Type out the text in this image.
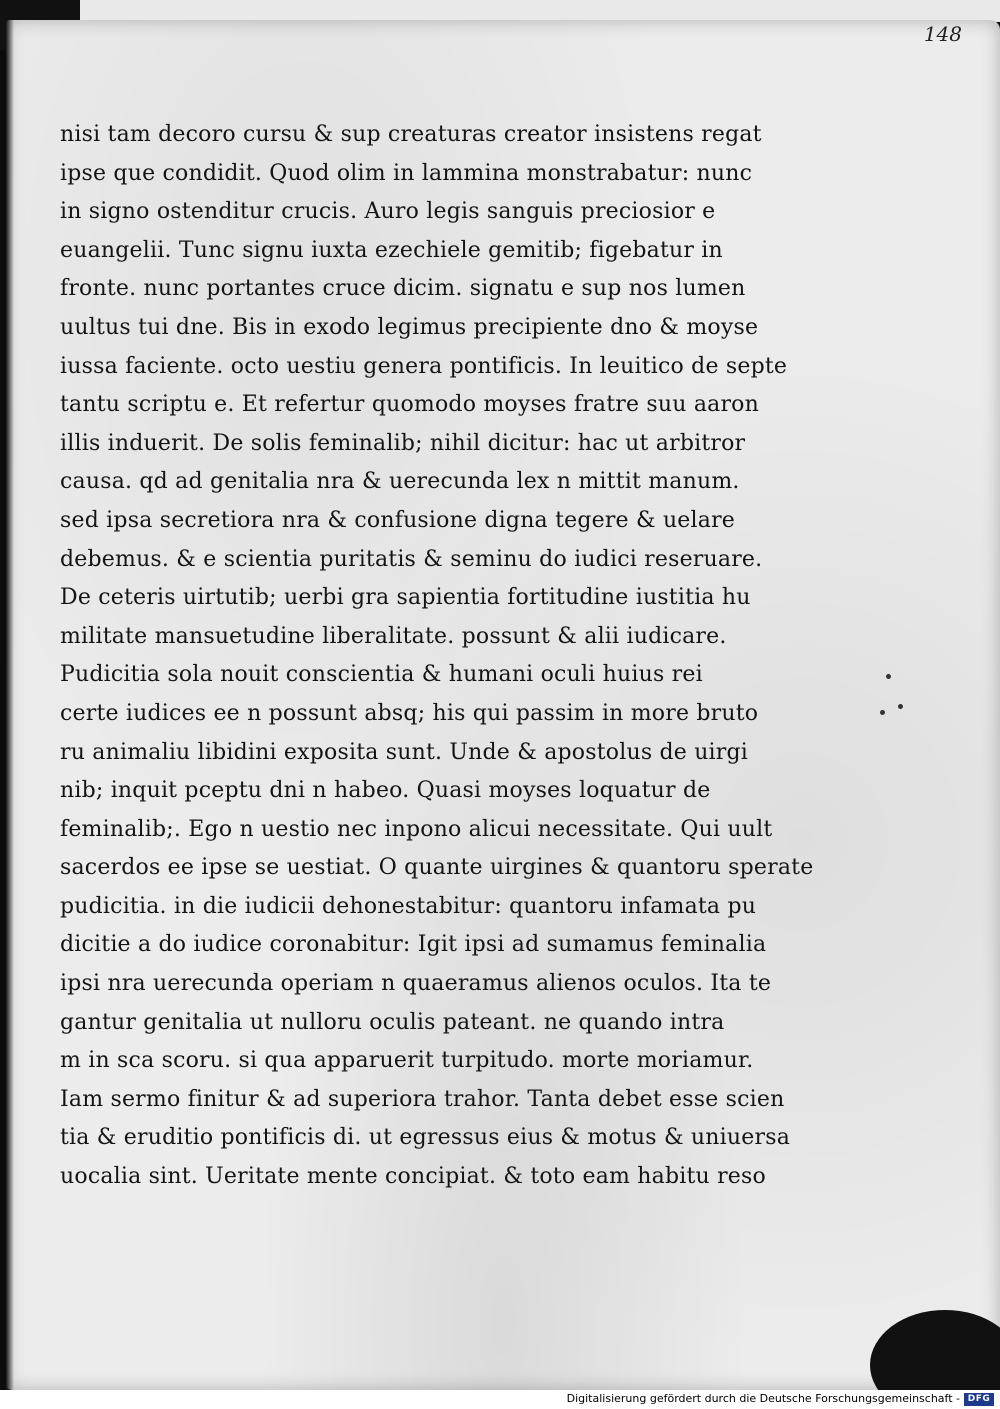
148
nisi tam decoro cursu & sup creaturas creator insistens regat
ipse que condidit. Quod olim in lammina monstrabatur: nunc
in signo ostenditur crucis. Auro legis sanguis preciosior e
euangelii. Tunc signu iuxta ezechiele gemitib; figebatur in
fronte. nunc portantes cruce dicim. signatu e sup nos lumen
uultus tui dne. Bis in exodo legimus precipiente dno & moyse
iussa faciente. octo uestiu genera pontificis. In leuitico de septe
tantu scriptu e. Et refertur quomodo moyses fratre suu aaron
illis induerit. De solis feminalib; nihil dicitur: hac ut arbitror
causa. qd ad genitalia nra & uerecunda lex n mittit manum.
sed ipsa secretiora nra & confusione digna tegere & uelare
debemus. & e scientia puritatis & seminu do iudici reseruare.
De ceteris uirtutib; uerbi gra sapientia fortitudine iustitia hu
militate mansuetudine liberalitate. possunt & alii iudicare.
Pudicitia sola nouit conscientia & humani oculi huius rei
certe iudices ee n possunt absq; his qui passim in more bruto
ru animaliu libidini exposita sunt. Unde & apostolus de uirgi
nib; inquit pceptu dni n habeo. Quasi moyses loquatur de
feminalib;. Ego n uestio nec inpono alicui necessitate. Qui uult
sacerdos ee ipse se uestiat. O quante uirgines & quantoru sperate
pudicitia. in die iudicii dehonestabitur: quantoru infamata pu
dicitie a do iudice coronabitur: Igit ipsi ad sumamus feminalia
ipsi nra uerecunda operiam n quaeramus alienos oculos. Ita te
gantur genitalia ut nulloru oculis pateant. ne quando intra
m in sca scoru. si qua apparuerit turpitudo. morte moriamur.
Iam sermo finitur & ad superiora trahor. Tanta debet esse scien
tia & eruditio pontificis di. ut egressus eius & motus & uniuersa
uocalia sint. Ueritate mente concipiat. & toto eam habitu reso
Digitalisierung gefördert durch die Deutsche Forschungsgemeinschaft - DFG
